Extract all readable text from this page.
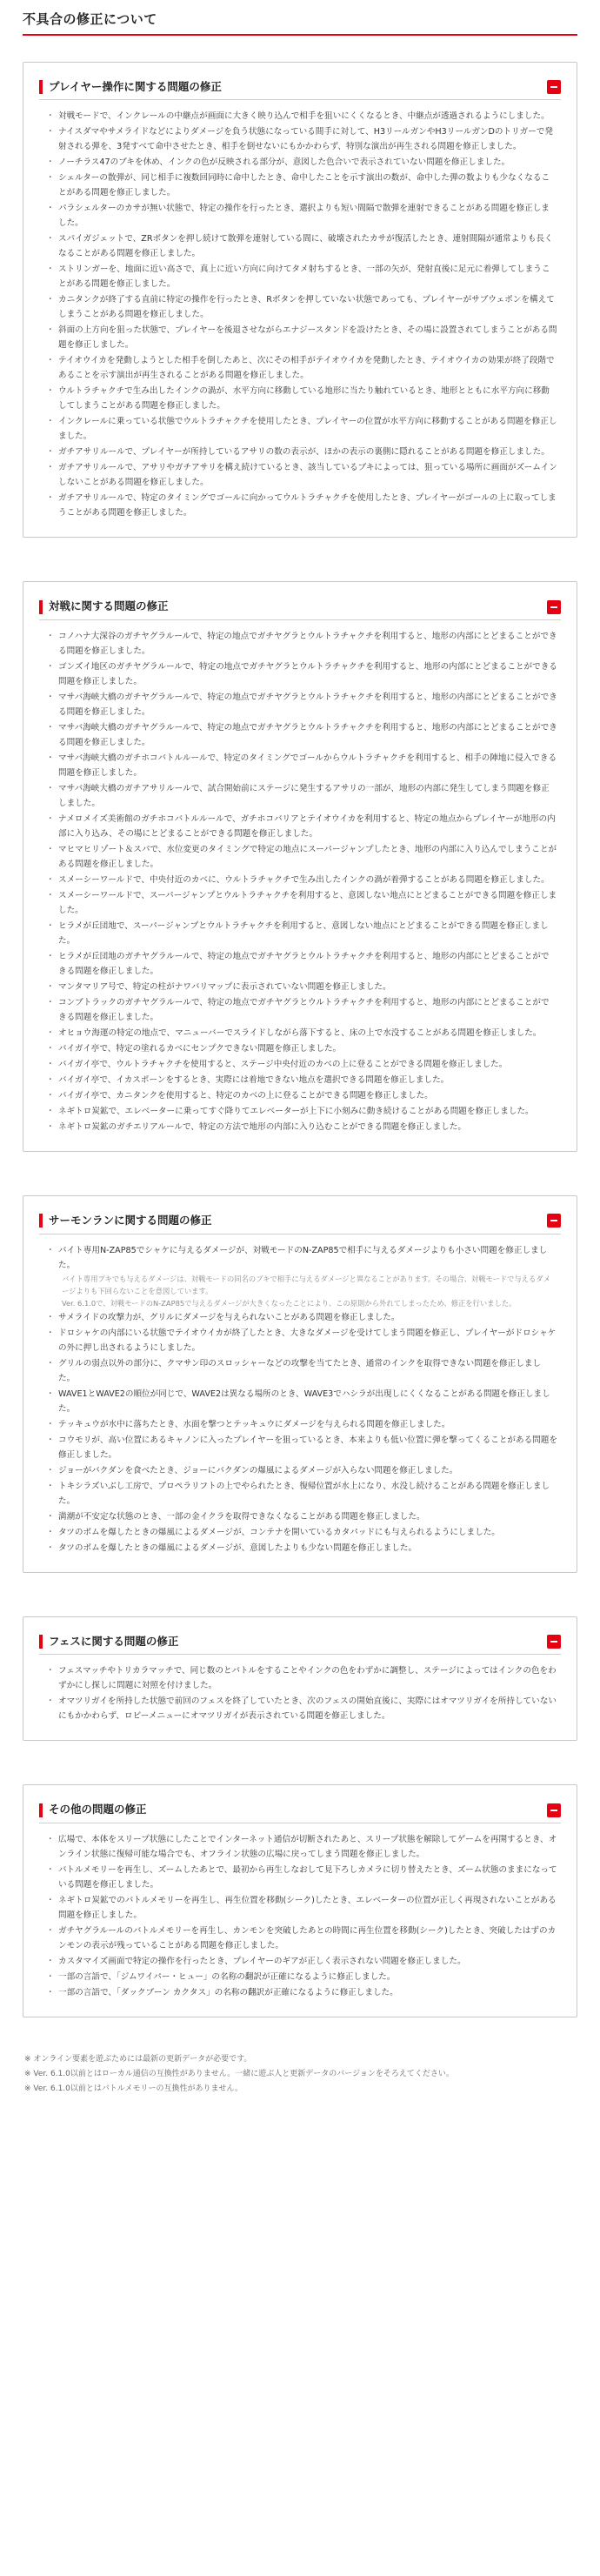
不具合の修正について
プレイヤー操作に関する問題の修正
・ 対戦モードで、インクレールの中継点が画面に大きく映り込んで相手を狙いにくくなるとき、中継点が透過されるようにしました。
・ ナイスダマやサメライドなどによりダメージを負う状態になっている間手に対して、H3リールガンやH3リールガンDのトリガーで発射される弾を、3発すべて命中させたとき、相手を倒せないにもかかわらず、特別な演出が再生される問題を修正しました。
・ ノーチラス47のブキを休め、インクの色が反映される部分が、意図した色合いで表示されていない問題を修正しました。
・ シェルターの散弾が、同じ相手に複数回同時に命中したとき、命中したことを示す演出の数が、命中した弾の数よりも少なくなることがある問題を修正しました。
・ パラシェルターのカサが無い状態で、特定の操作を行ったとき、選択よりも短い間隔で散弾を連射できることがある問題を修正しました。
・ スパイガジェットで、ZRボタンを押し続けて散弾を連射している間に、破壊されたカサが復活したとき、連射間隔が通常よりも長くなることがある問題を修正しました。
・ ストリンガーを、地面に近い高さで、真上に近い方向に向けてタメ射ちするとき、一部の矢が、発射直後に足元に着弾してしまうことがある問題を修正しました。
・ カニタンクが終了する直前に特定の操作を行ったとき、Rボタンを押していない状態であっても、プレイヤーがサブウェポンを構えてしまうことがある問題を修正しました。
・ 斜面の上方向を狙った状態で、プレイヤーを後退させながらエナジースタンドを設けたとき、その場に設置されてしまうことがある問題を修正しました。
・ テイオウイカを発動しようとした相手を倒したあと、次にその相手がテイオウイカを発動したとき、テイオウイカの効果が終了段階であることを示す演出が再生されることがある問題を修正しました。
・ ウルトラチャクチで生み出したインクの渦が、水平方向に移動している地形に当たり触れているとき、地形とともに水平方向に移動してしまうことがある問題を修正しました。
・ インクレールに乗っている状態でウルトラチャクチを使用したとき、プレイヤーの位置が水平方向に移動することがある問題を修正しました。
・ ガチアサリルールで、プレイヤーが所持しているアサリの数の表示が、ほかの表示の裏側に隠れることがある問題を修正しました。
・ ガチアサリルールで、アサリやガチアサリを構え続けているとき、該当しているブキによっては、狙っている場所に画面がズームインしないことがある問題を修正しました。
・ ガチアサリルールで、特定のタイミングでゴールに向かってウルトラチャクチを使用したとき、プレイヤーがゴールの上に取ってしまうことがある問題を修正しました。
対戦に関する問題の修正
・ コノハナ大深谷のガチヤグラルールで、特定の地点でガチヤグラとウルトラチャクチを利用すると、地形の内部にとどまることができる問題を修正しました。
・ ゴンズイ地区のガチヤグラルールで、特定の地点でガチヤグラとウルトラチャクチを利用すると、地形の内部にとどまることができる問題を修正しました。
・ マサバ海峡大橋のガチヤグラルールで、特定の地点でガチヤグラとウルトラチャクチを利用すると、地形の内部にとどまることができる問題を修正しました。
・ マサバ海峡大橋のガチヤグラルールで、特定の地点でガチヤグラとウルトラチャクチを利用すると、地形の内部にとどまることができる問題を修正しました。
・ マサバ海峡大橋のガチホコバトルルールで、特定のタイミングでゴールからウルトラチャクチを利用すると、相手の陣地に侵入できる問題を修正しました。
・ マサバ海峡大橋のガチアサリルールで、試合開始前にステージに発生するアサリの一部が、地形の内部に発生してしまう問題を修正しました。
・ ナメロメイズ美術館のガチホコバトルルールで、ガチホコバリアとテイオウイカを利用すると、特定の地点からプレイヤーが地形の内部に入り込み、その場にとどまることができる問題を修正しました。
・ マヒマヒリゾート＆スパで、水位変更のタイミングで特定の地点にスーパージャンプしたとき、地形の内部に入り込んでしまうことがある問題を修正しました。
・ スメーシーワールドで、中央付近のカベに、ウルトラチャクチで生み出したインクの渦が着弾することがある問題を修正しました。
・ スメーシーワールドで、スーパージャンプとウルトラチャクチを利用すると、意図しない地点にとどまることができる問題を修正しました。
・ ヒラメが丘団地で、スーパージャンプとウルトラチャクチを利用すると、意図しない地点にとどまることができる問題を修正しました。
・ ヒラメが丘団地のガチヤグラルールで、特定の地点でガチヤグラとウルトラチャクチを利用すると、地形の内部にとどまることができる問題を修正しました。
・ マンタマリア号で、特定の柱がナワバリマップに表示されていない問題を修正しました。
・ コンブトラックのガチヤグラルールで、特定の地点でガチヤグラとウルトラチャクチを利用すると、地形の内部にとどまることができる問題を修正しました。
・ オヒョウ海運の特定の地点で、マニューバーでスライドしながら落下すると、床の上で水没することがある問題を修正しました。
・ バイガイ亭で、特定の塗れるカベにセンプクできない問題を修正しました。
・ バイガイ亭で、ウルトラチャクチを使用すると、ステージ中央付近のカベの上に登ることができる問題を修正しました。
・ バイガイ亭で、イカスポーンをするとき、実際には着地できない地点を選択できる問題を修正しました。
・ バイガイ亭で、カニタンクを使用すると、特定のカベの上に登ることができる問題を修正しました。
・ ネギトロ炭鉱で、エレベーターに乗ってすぐ降りてエレベーターが上下に小刻みに動き続けることがある問題を修正しました。
・ ネギトロ炭鉱のガチエリアルールで、特定の方法で地形の内部に入り込むことができる問題を修正しました。
サーモンランに関する問題の修正
・ バイト専用N-ZAP85でシャケに与えるダメージが、対戦モードのN-ZAP85で相手に与えるダメージよりも小さい問題を修正しました。
バイト専用プキでも与えるダメージは、対戦モードの同名のブキで相手に与えるダメージと異なることがあります。その場合、対戦モードで与えるダメージよりも下回らないことを意図しています。
Ver. 6.1.0で、対戦モードのN-ZAP85で与えるダメージが大きくなったことにより、この原則から外れてしまったため、修正を行いました。
・ サメライドの攻撃力が、グリルにダメージを与えられないことがある問題を修正しました。
・ ドロシャケの内部にいる状態でテイオウイカが終了したとき、大きなダメージを受けてしまう問題を修正し、プレイヤーがドロシャケの外に押し出されるようにしました。
・ グリルの弱点以外の部分に、クマサン印のスロッシャーなどの攻撃を当てたとき、通常のインクを取得できない問題を修正しました。
・ WAVE1とWAVE2の順位が同じで、WAVE2は異なる場所のとき、WAVE3でハシラが出現しにくくなることがある問題を修正しました。
・ テッキュウが水中に落ちたとき、水面を撃つとテッキュウにダメージを与えられる問題を修正しました。
・ コウモリが、高い位置にあるキャノンに入ったプレイヤーを狙っているとき、本来よりも低い位置に弾を撃ってくることがある問題を修正しました。
・ ジョーがバクダンを食べたとき、ジョーにバクダンの爆風によるダメージが入らない問題を修正しました。
・ トキシラズいぶし工房で、プロペラリフトの上でやられたとき、復帰位置が水上になり、水没し続けることがある問題を修正しました。
・ 満潮が不安定な状態のとき、一部の金イクラを取得できなくなることがある問題を修正しました。
・ タツのボムを爆したときの爆風によるダメージが、コンテナを開いているカタパッドにも与えられるようにしました。
・ タツのボムを爆したときの爆風によるダメージが、意図したよりも少ない問題を修正しました。
フェスに関する問題の修正
・ フェスマッチやトリカラマッチで、同じ数のとバトルをすることやインクの色をわずかに調整し、ステージによってはインクの色をわずかにし探しに問題に対照を付けました。
・ オマツリガイを所持した状態で前回のフェスを終了していたとき、次のフェスの開始直後に、実際にはオマツリガイを所持していないにもかかわらず、ロビーメニューにオマツリガイが表示されている問題を修正しました。
その他の問題の修正
・ 広場で、本体をスリープ状態にしたことでインターネット通信が切断されたあと、スリープ状態を解除してゲームを再開するとき、オンライン状態に復帰可能な場合でも、オフライン状態の広場に戻ってしまう問題を修正しました。
・ バトルメモリーを再生し、ズームしたあとで、最初から再生しなおして見下ろしカメラに切り替えたとき、ズーム状態のままになっている問題を修正しました。
・ ネギトロ炭鉱でのバトルメモリーを再生し、再生位置を移動(シーク)したとき、エレベーターの位置が正しく再現されないことがある問題を修正しました。
・ ガチヤグラルールのバトルメモリーを再生し、カンモンを突破したあとの時間に再生位置を移動(シーク)したとき、突破したはずのカンモンの表示が残っていることがある問題を修正しました。
・ カスタマイズ画面で特定の操作を行ったとき、プレイヤーのギアが正しく表示されない問題を修正しました。
・ 一部の言語で、「ジムワイパー・ヒュー」の名称の翻訳が正確になるように修正しました。
・ 一部の言語で、「ダックブーン カクタス」の名称の翻訳が正確になるように修正しました。

※ オンライン要素を遊ぶためには最新の更新データが必要です。

※ Ver. 6.1.0以前とはローカル通信の互換性がありません。一緒に遊ぶ人と更新データのバージョンをそろえてください。

※ Ver. 6.1.0以前とはバトルメモリーの互換性がありません。
